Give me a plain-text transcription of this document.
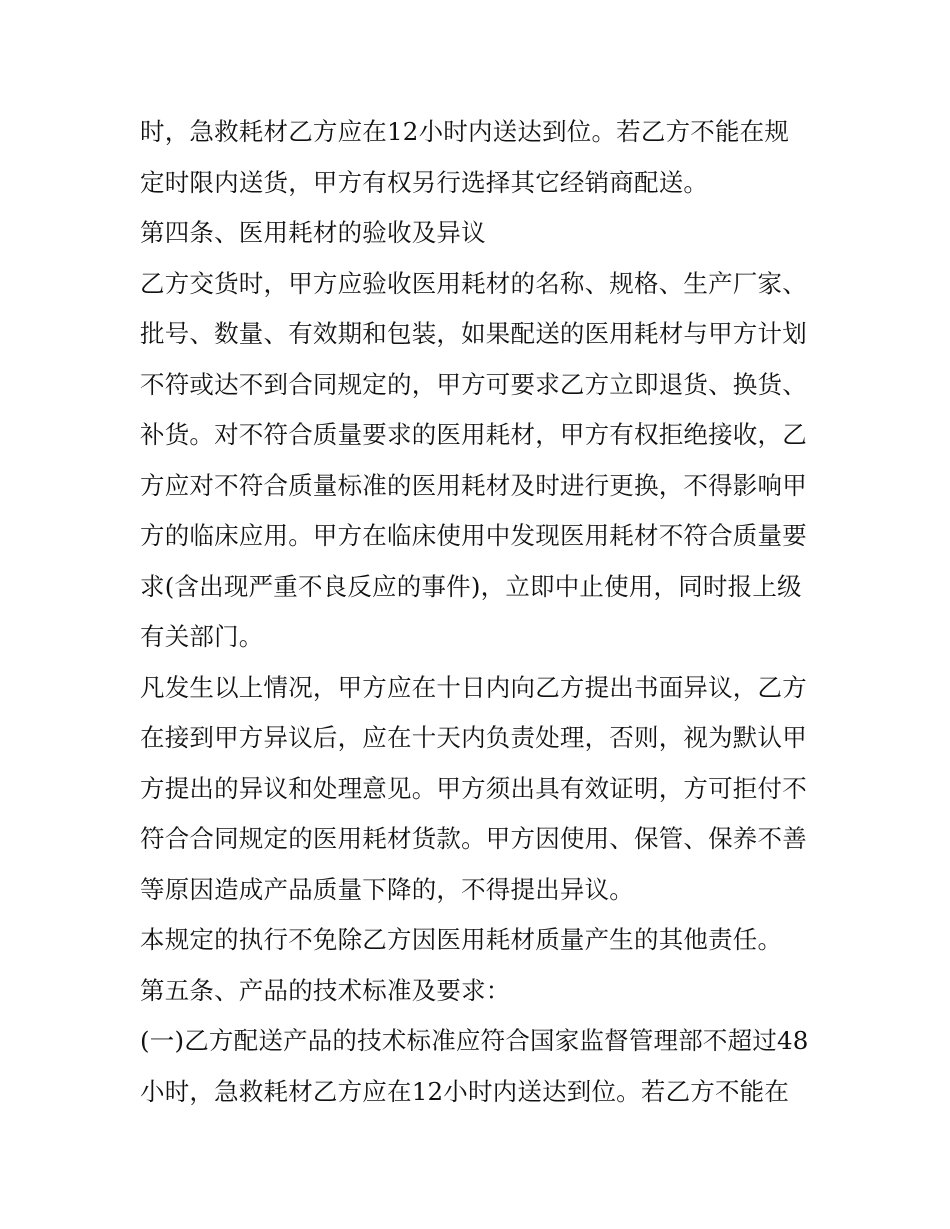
时，急救耗材乙方应在12小时内送达到位。若乙方不能在规
定时限内送货，甲方有权另行选择其它经销商配送。
第四条、医用耗材的验收及异议
乙方交货时，甲方应验收医用耗材的名称、规格、生产厂家、
批号、数量、有效期和包装，如果配送的医用耗材与甲方计划
不符或达不到合同规定的，甲方可要求乙方立即退货、换货、
补货。对不符合质量要求的医用耗材，甲方有权拒绝接收，乙
方应对不符合质量标准的医用耗材及时进行更换，不得影响甲
方的临床应用。甲方在临床使用中发现医用耗材不符合质量要
求(含出现严重不良反应的事件)，立即中止使用，同时报上级
有关部门。
凡发生以上情况，甲方应在十日内向乙方提出书面异议，乙方
在接到甲方异议后，应在十天内负责处理，否则，视为默认甲
方提出的异议和处理意见。甲方须出具有效证明，方可拒付不
符合合同规定的医用耗材货款。甲方因使用、保管、保养不善
等原因造成产品质量下降的，不得提出异议。
本规定的执行不免除乙方因医用耗材质量产生的其他责任。
第五条、产品的技术标准及要求：
(一)乙方配送产品的技术标准应符合国家监督管理部不超过48
小时，急救耗材乙方应在12小时内送达到位。若乙方不能在
